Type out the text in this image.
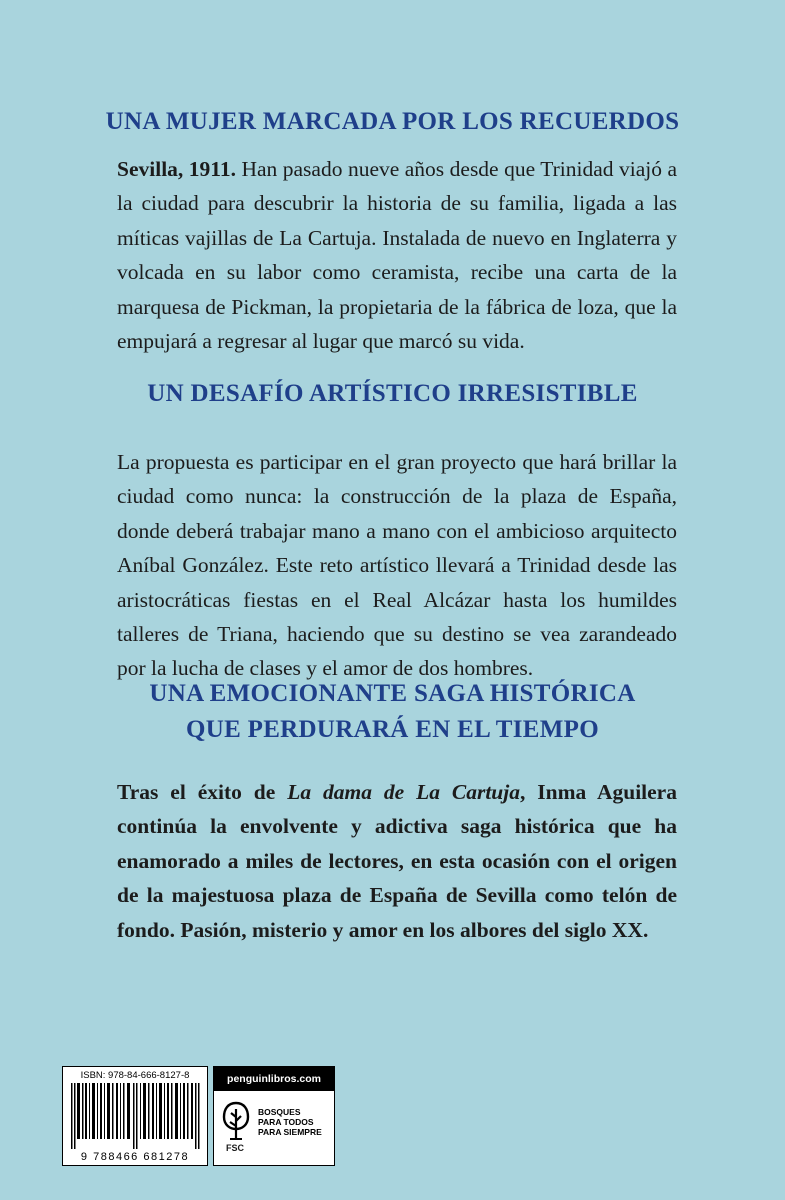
UNA MUJER MARCADA POR LOS RECUERDOS

Sevilla, 1911. Han pasado nueve años desde que Trinidad viajó a la ciudad para descubrir la historia de su familia, ligada a las míticas vajillas de La Cartuja. Instalada de nuevo en Inglaterra y volcada en su labor como ceramista, recibe una carta de la marquesa de Pickman, la propietaria de la fábrica de loza, que la empujará a regresar al lugar que marcó su vida.

UN DESAFÍO ARTÍSTICO IRRESISTIBLE

La propuesta es participar en el gran proyecto que hará brillar la ciudad como nunca: la construcción de la plaza de España, donde deberá trabajar mano a mano con el ambicioso arquitecto Aníbal González. Este reto artístico llevará a Trinidad desde las aristocráticas fiestas en el Real Alcázar hasta los humildes talleres de Triana, haciendo que su destino se vea zarandeado por la lucha de clases y el amor de dos hombres.

UNA EMOCIONANTE SAGA HISTÓRICA
QUE PERDURARÁ EN EL TIEMPO

Tras el éxito de La dama de La Cartuja, Inma Aguilera continúa la envolvente y adictiva saga histórica que ha enamorado a miles de lectores, en esta ocasión con el origen de la majestuosa plaza de España de Sevilla como telón de fondo. Pasión, misterio y amor en los albores del siglo XX.

ISBN: 978-84-666-8127-8
9 788466 681278
penguinlibros.com
FSC
BOSQUES
PARA TODOS
PARA SIEMPRE
